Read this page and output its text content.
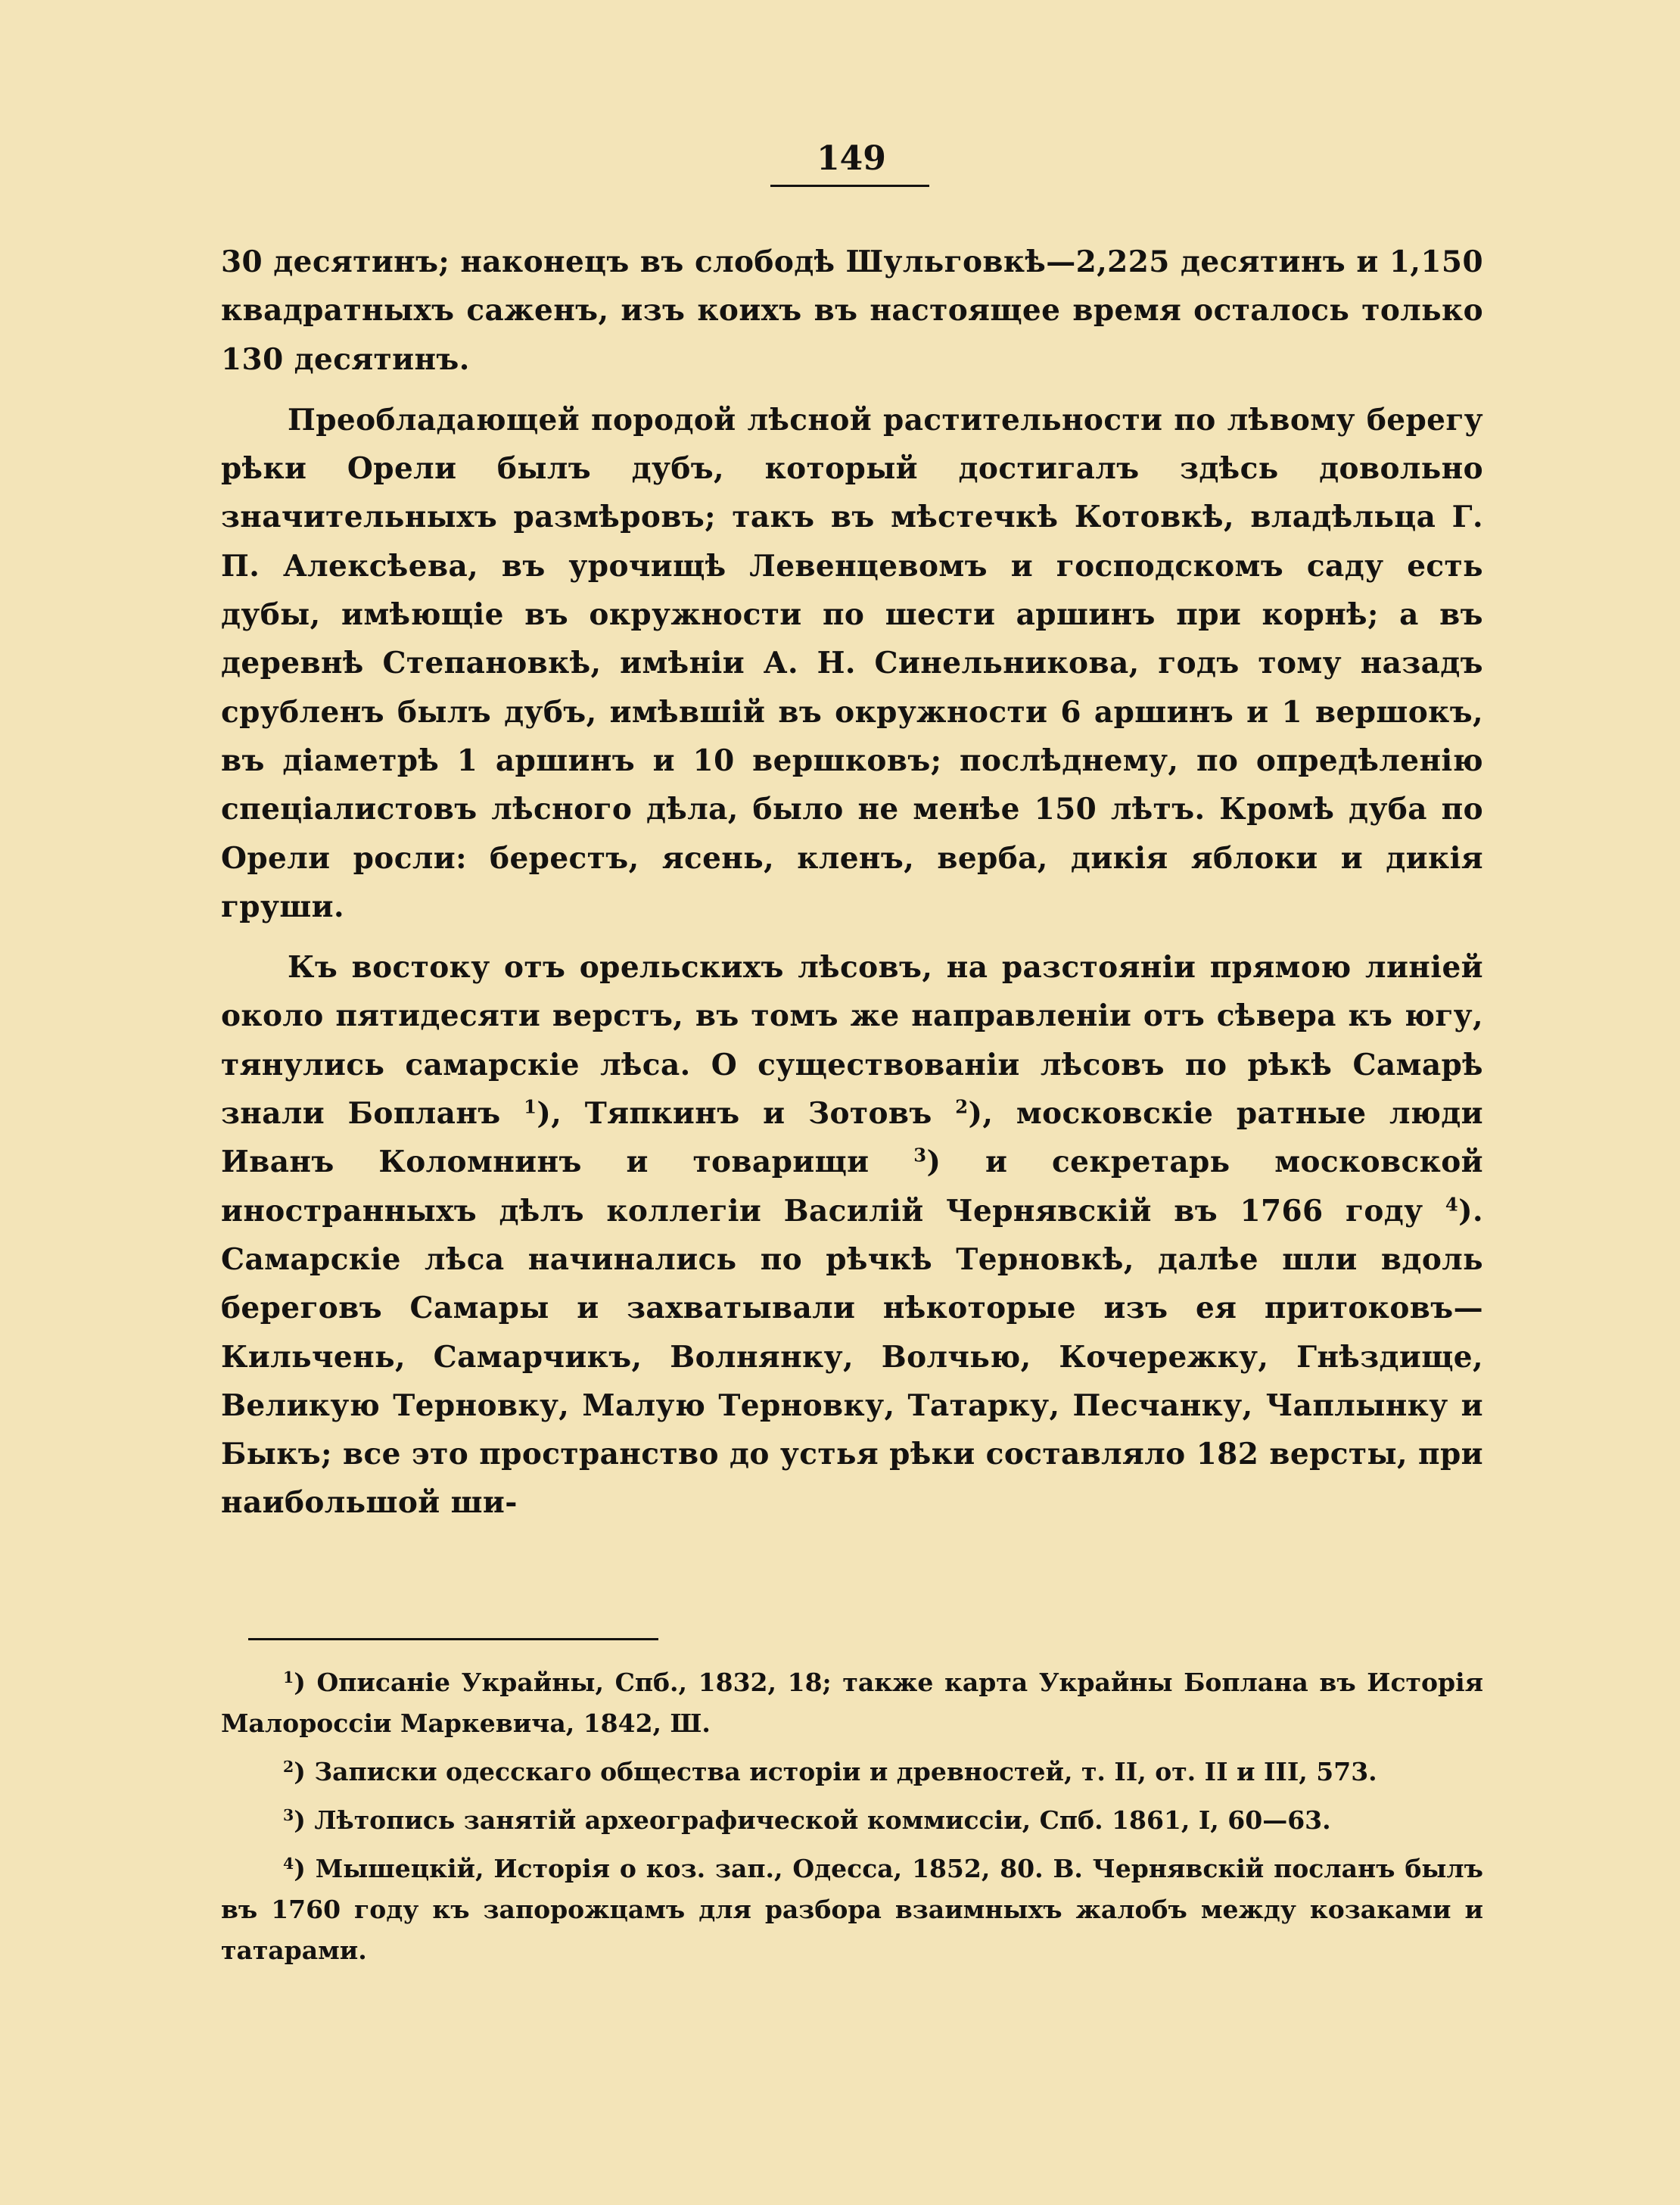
149

30 десятинъ; наконецъ въ слободѣ Шульговкѣ—2,225 десятинъ и 1,150 квадратныхъ саженъ, изъ коихъ въ настоящее время осталось только 130 десятинъ.

Преобладающей породой лѣсной растительности по лѣвому берегу рѣки Орели былъ дубъ, который достигалъ здѣсь довольно значительныхъ размѣровъ; такъ въ мѣстечкѣ Котовкѣ, владѣльца Г. П. Алексѣева, въ урочищѣ Левенцевомъ и господскомъ саду есть дубы, имѣющіе въ окружности по шести аршинъ при корнѣ; а въ деревнѣ Степановкѣ, имѣніи А. Н. Синельникова, годъ тому назадъ срубленъ былъ дубъ, имѣвшій въ окружности 6 аршинъ и 1 вершокъ, въ діаметрѣ 1 аршинъ и 10 вершковъ; послѣднему, по опредѣленію спеціалистовъ лѣсного дѣла, было не менѣе 150 лѣтъ. Кромѣ дуба по Орели росли: берестъ, ясень, кленъ, верба, дикія яблоки и дикія груши.

Къ востоку отъ орельскихъ лѣсовъ, на разстояніи прямою линіей около пятидесяти верстъ, въ томъ же направленіи отъ сѣвера къ югу, тянулись самарскіе лѣса. О существованіи лѣсовъ по рѣкѣ Самарѣ знали Бопланъ $^1$), Тяпкинъ и Зотовъ $^2$), московскіе ратные люди Иванъ Коломнинъ и товарищи $^3$) и секретарь московской иностранныхъ дѣлъ коллегіи Василій Чернявскій въ 1766 году $^4$). Самарскіе лѣса начинались по рѣчкѣ Терновкѣ, далѣе шли вдоль береговъ Самары и захватывали нѣкоторые изъ ея притоковъ—Кильчень, Самарчикъ, Волнянку, Волчью, Кочережку, Гнѣздище, Великую Терновку, Малую Терновку, Татарку, Песчанку, Чаплынку и Быкъ; все это пространство до устья рѣки составляло 182 версты, при наибольшой ши-

$^1$) Описаніе Украйны, Спб., 1832, 18; также карта Украйны Боплана въ Исторія Малороссіи Маркевича, 1842, Ш.

$^2$) Записки одесскаго общества исторіи и древностей, т. II, от. II и III, 573.

$^3$) Лѣтопись занятій археографической коммиссіи, Спб. 1861, I, 60—63.

$^4$) Мышецкій, Исторія о коз. зап., Одесса, 1852, 80. В. Чернявскій посланъ былъ въ 1760 году къ запорожцамъ для разбора взаимныхъ жалобъ между козаками и татарами.
